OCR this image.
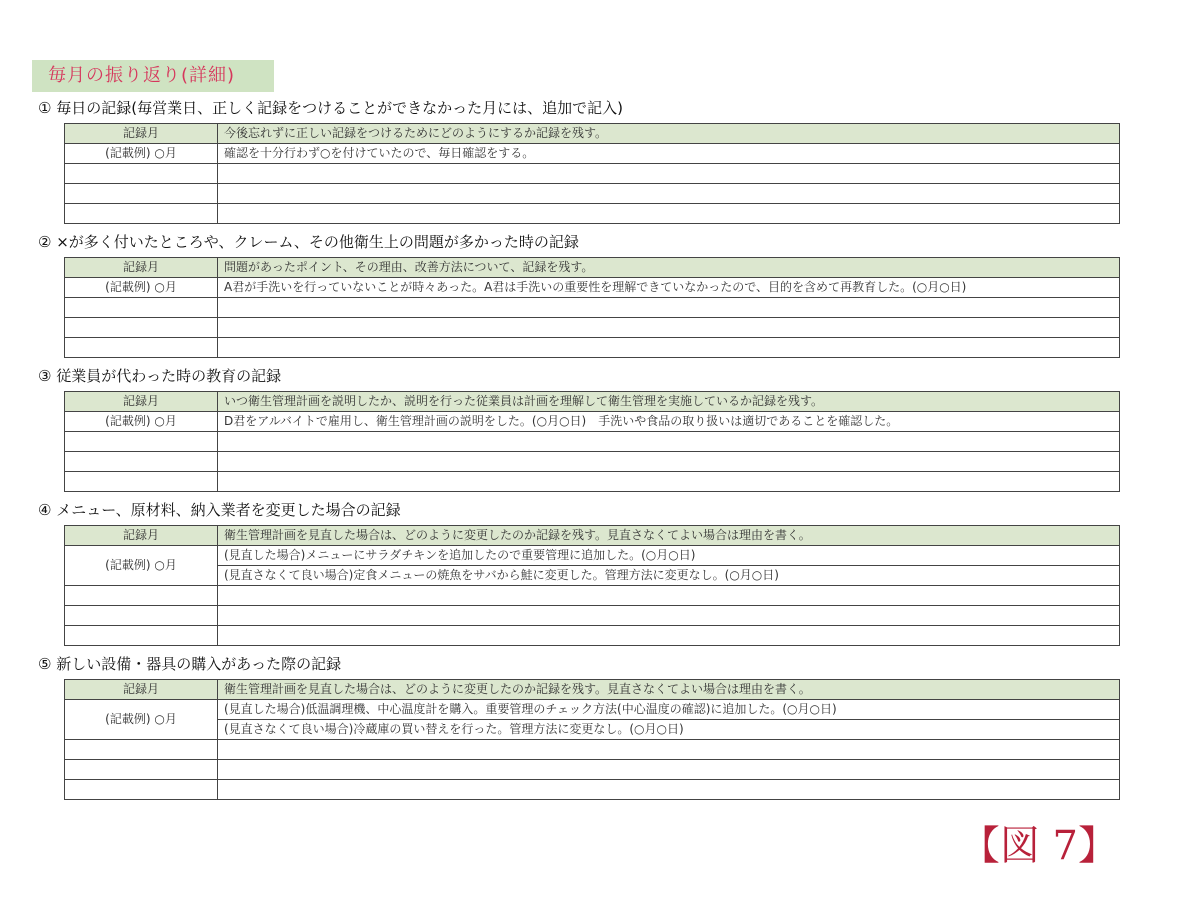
毎月の振り返り(詳細)
① 毎日の記録(毎営業日、正しく記録をつけることができなかった月には、追加で記入)
記録月	今後忘れずに正しい記録をつけるためにどのようにするか記録を残す。
(記載例) ○月	確認を十分行わず○を付けていたので、毎日確認をする。

② ×が多く付いたところや、クレーム、その他衛生上の問題が多かった時の記録
記録月	問題があったポイント、その理由、改善方法について、記録を残す。
(記載例) ○月	A君が手洗いを行っていないことが時々あった。A君は手洗いの重要性を理解できていなかったので、目的を含めて再教育した。(○月○日)

③ 従業員が代わった時の教育の記録
記録月	いつ衛生管理計画を説明したか、説明を行った従業員は計画を理解して衛生管理を実施しているか記録を残す。
(記載例) ○月	D君をアルバイトで雇用し、衛生管理計画の説明をした。(○月○日)　手洗いや食品の取り扱いは適切であることを確認した。

④ メニュー、原材料、納入業者を変更した場合の記録
記録月	衛生管理計画を見直した場合は、どのように変更したのか記録を残す。見直さなくてよい場合は理由を書く。
(記載例) ○月	(見直した場合)メニューにサラダチキンを追加したので重要管理に追加した。(○月○日)
	(見直さなくて良い場合)定食メニューの焼魚をサバから鮭に変更した。管理方法に変更なし。(○月○日)

⑤ 新しい設備・器具の購入があった際の記録
記録月	衛生管理計画を見直した場合は、どのように変更したのか記録を残す。見直さなくてよい場合は理由を書く。
(記載例) ○月	(見直した場合)低温調理機、中心温度計を購入。重要管理のチェック方法(中心温度の確認)に追加した。(○月○日)
	(見直さなくて良い場合)冷蔵庫の買い替えを行った。管理方法に変更なし。(○月○日)

【図 7】
